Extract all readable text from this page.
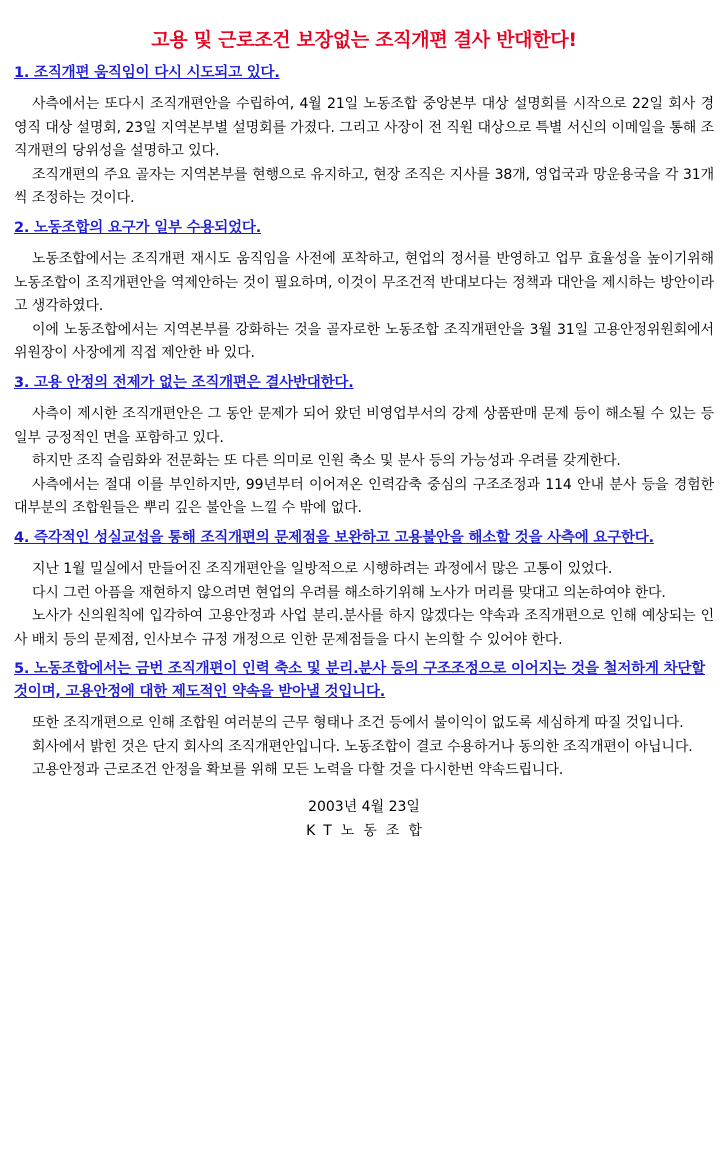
고용 및 근로조건 보장없는 조직개편 결사 반대한다!
1. 조직개편 움직임이 다시 시도되고 있다.

사측에서는 또다시 조직개편안을 수립하여, 4월 21일 노동조합 중앙본부 대상 설명회를 시작으로 22일 회사 경영직 대상 설명회, 23일 지역본부별 설명회를 가졌다. 그리고 사장이 전 직원 대상으로 특별 서신의 이메일을 통해 조직개편의 당위성을 설명하고 있다.

조직개편의 주요 골자는 지역본부를 현행으로 유지하고, 현장 조직은 지사를 38개, 영업국과 망운용국을 각 31개씩 조정하는 것이다.

2. 노동조합의 요구가 일부 수용되었다.

노동조합에서는 조직개편 재시도 움직임을 사전에 포착하고, 현업의 정서를 반영하고 업무 효율성을 높이기위해 노동조합이 조직개편안을 역제안하는 것이 필요하며, 이것이 무조건적 반대보다는 정책과 대안을 제시하는 방안이라고 생각하였다.

이에 노동조합에서는 지역본부를 강화하는 것을 골자로한 노동조합 조직개편안을 3월 31일 고용안정위원회에서 위원장이 사장에게 직접 제안한 바 있다.

3. 고용 안정의 전제가 없는 조직개편은 결사반대한다.

사측이 제시한 조직개편안은 그 동안 문제가 되어 왔던 비영업부서의 강제 상품판매 문제 등이 해소될 수 있는 등 일부 긍정적인 면을 포함하고 있다.

하지만 조직 슬림화와 전문화는 또 다른 의미로 인원 축소 및 분사 등의 가능성과 우려를 갖게한다.

사측에서는 절대 이를 부인하지만, 99년부터 이어져온 인력감축 중심의 구조조정과 114 안내 분사 등을 경험한 대부분의 조합원들은 뿌리 깊은 불안을 느낄 수 밖에 없다.

4. 즉각적인 성실교섭을 통해 조직개편의 문제점을 보완하고 고용불안을 해소할 것을 사측에 요구한다.

지난 1월 밀실에서 만들어진 조직개편안을 일방적으로 시행하려는 과정에서 많은 고통이 있었다.

다시 그런 아픔을 재현하지 않으려면 현업의 우려를 해소하기위해 노사가 머리를 맞대고 의논하여야 한다.

노사가 신의원칙에 입각하여 고용안정과 사업 분리.분사를 하지 않겠다는 약속과 조직개편으로 인해 예상되는 인사 배치 등의 문제점, 인사보수 규정 개정으로 인한 문제점들을 다시 논의할 수 있어야 한다.

5. 노동조합에서는 금번 조직개편이 인력 축소 및 분리.분사 등의 구조조정으로 이어지는 것을 철저하게 차단할 것이며, 고용안정에 대한 제도적인 약속을 받아낼 것입니다.

또한 조직개편으로 인해 조합원 여러분의 근무 형태나 조건 등에서 불이익이 없도록 세심하게 따질 것입니다.

회사에서 밝힌 것은 단지 회사의 조직개편안입니다. 노동조합이 결코 수용하거나 동의한 조직개편이 아닙니다.

고용안정과 근로조건 안정을 확보를 위해 모든 노력을 다할 것을 다시한번 약속드립니다.

2003년 4월 23일
KT노동조합
